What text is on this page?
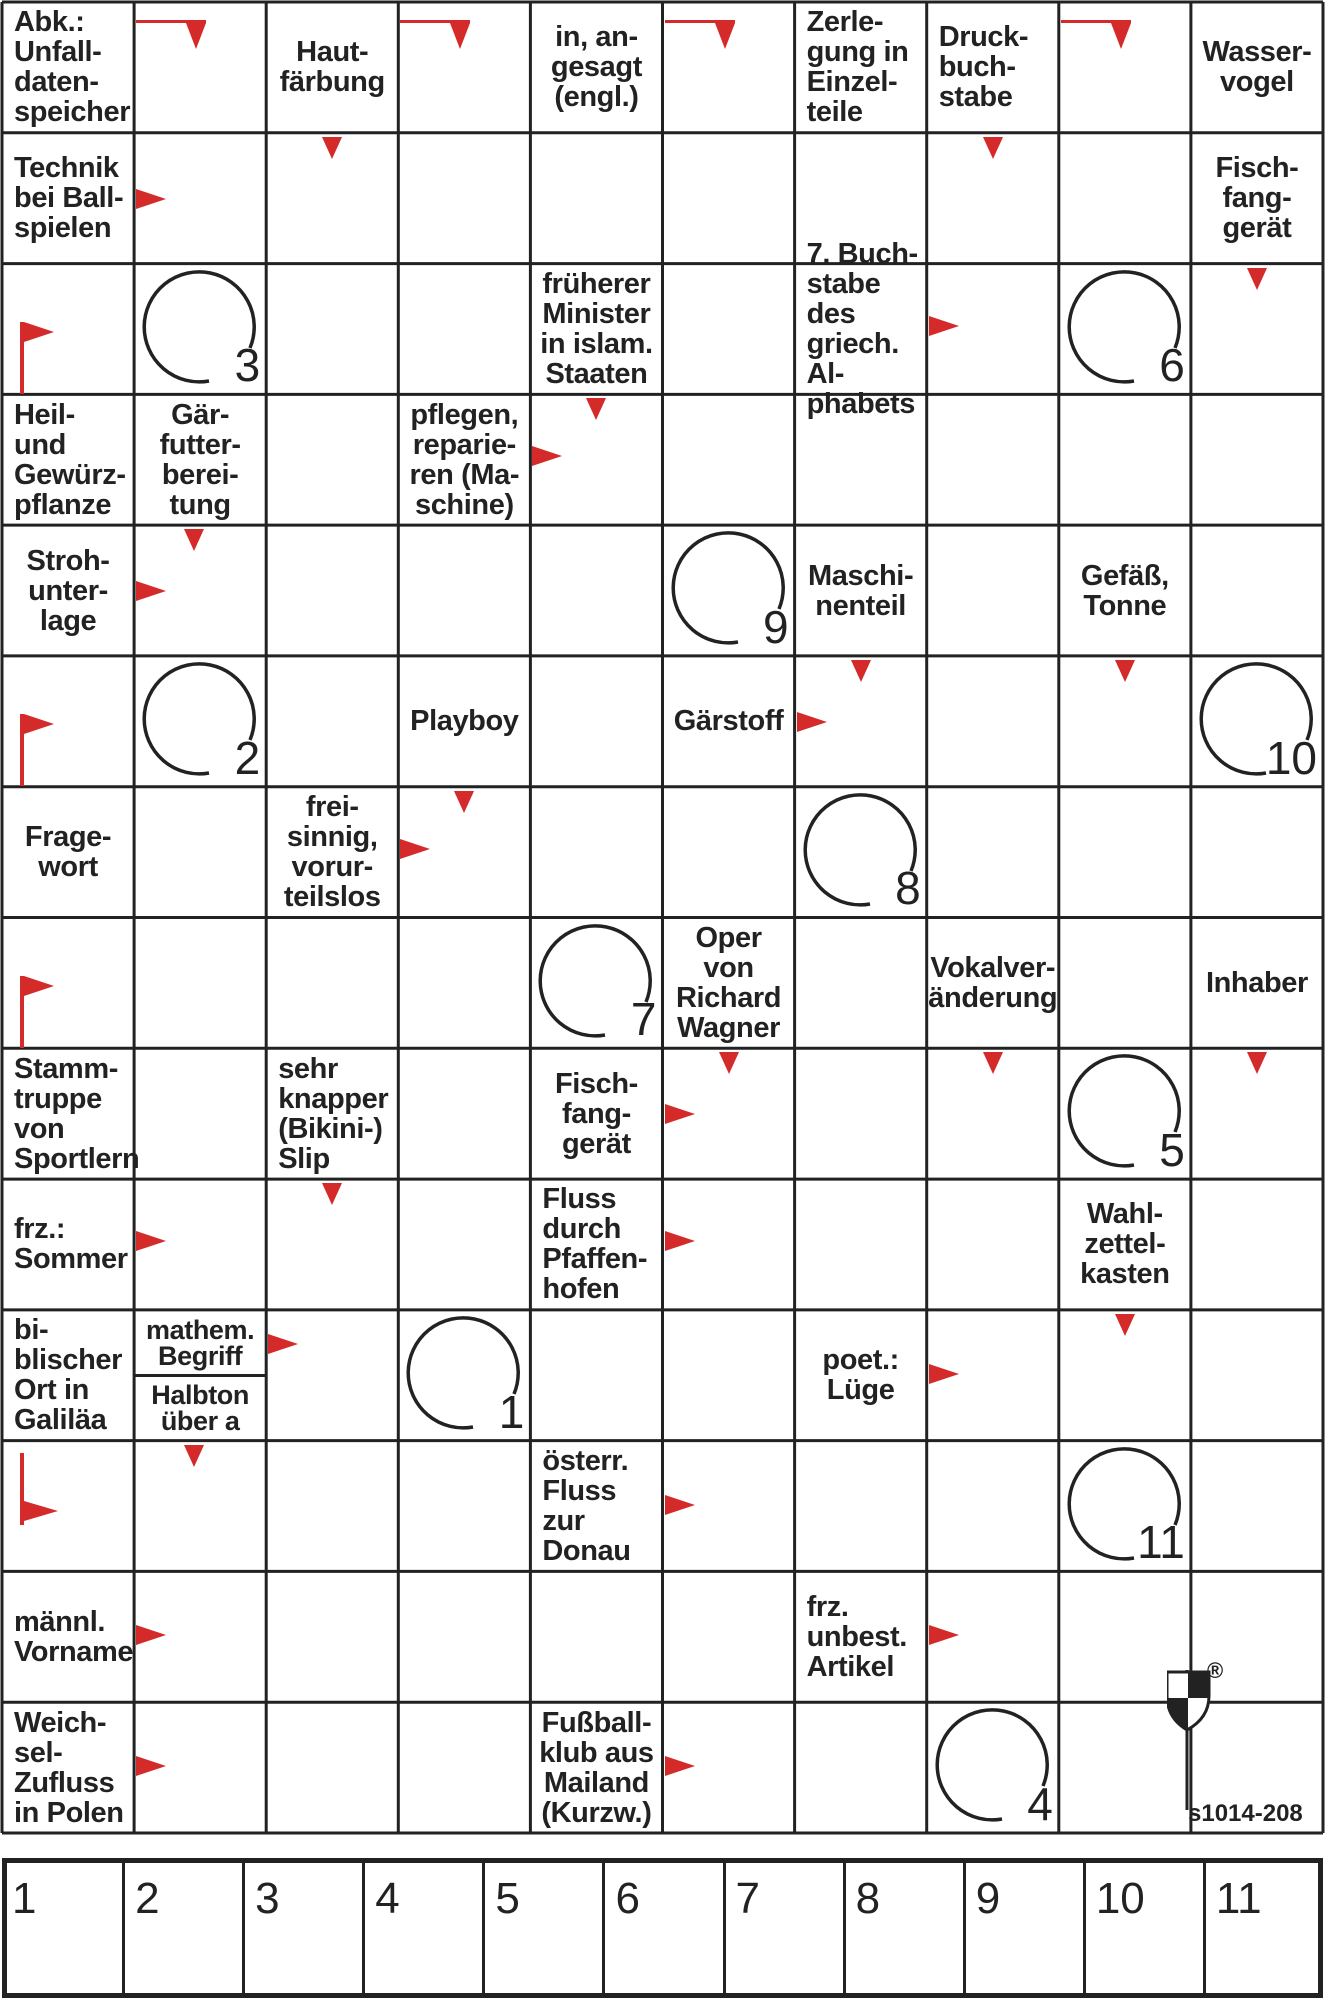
Abk.:
Unfall-
daten-
speicher
Haut-
färbung
in, an-
gesagt
(engl.)
Zerle-
gung in
Einzel-
teile
Druck-
buch-
stabe
Wasser-
vogel
Technik
bei Ball-
spielen
Fisch-
fang-
gerät
früherer
Minister
in islam.
Staaten
7. Buch-
stabe des
griech. Al-
phabets
Heil-
und
Gewürz-
pflanze
Gär-
futter-
berei-
tung
pflegen,
reparie-
ren (Ma-
schine)
Stroh-
unter-
lage
Maschi-
nenteil
Gefäß,
Tonne
Playboy	Gärstoff
Frage-
wort
frei-
sinnig,
vorur-
teilslos
Oper von
Richard
Wagner
Vokalver-
änderung	Inhaber
Stamm-
truppe
von
Sportlern
sehr
knapper
(Bikini-)
Slip
Fisch-
fang-
gerät
frz.:
Sommer
Fluss
durch
Pfaffen-
hofen
Wahl-
zettel-
kasten
bi-
blischer
Ort in
Galiläa
mathem.
Begriff
Halbton
über a
poet.:
Lüge
österr.
Fluss
zur
Donau
männl.
Vorname
frz.
unbest.
Artikel
Weich-
sel-
Zufluss
in Polen
Fußball-
klub aus
Mailand
(Kurzw.)
1
2
3
4
5
6
7
8
9
10
11
®
s1014-208
1 2 3 4 5 6 7 8 9 10 11
